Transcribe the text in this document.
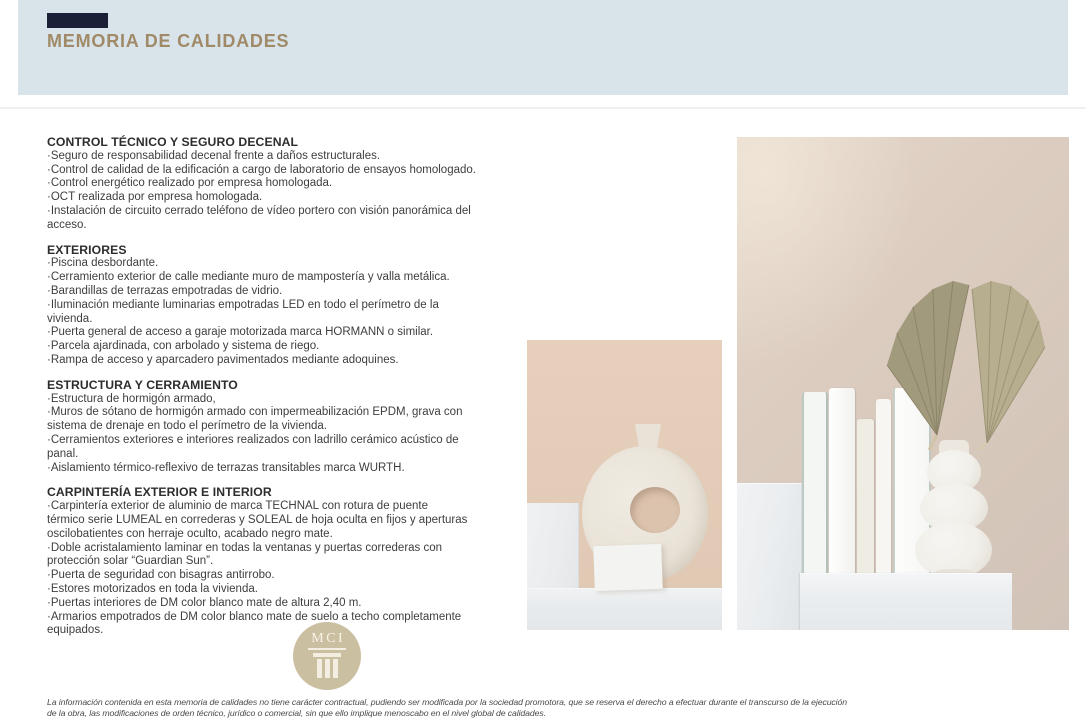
MEMORIA DE CALIDADES
CONTROL TÉCNICO Y SEGURO DECENAL
·Seguro de responsabilidad decenal frente a daños estructurales.
·Control de calidad de la edificación a cargo de laboratorio de ensayos homologado.
·Control energético realizado por empresa homologada.
·OCT realizada por empresa homologada.
·Instalación de circuito cerrado teléfono de vídeo portero con visión panorámica del
acceso.
EXTERIORES
·Piscina desbordante.
·Cerramiento exterior de calle mediante muro de mampostería y valla metálica.
·Barandillas de terrazas empotradas de vidrio.
·Iluminación mediante luminarias empotradas LED en todo el perímetro de la
vivienda.
·Puerta general de acceso a garaje motorizada marca HORMANN o similar.
·Parcela ajardinada, con arbolado y sistema de riego.
·Rampa de acceso y aparcadero pavimentados mediante adoquines.
ESTRUCTURA Y CERRAMIENTO
·Estructura de hormigón armado,
·Muros de sótano de hormigón armado con impermeabilización EPDM, grava con
sistema de drenaje en todo el perímetro de la vivienda.
·Cerramientos exteriores e interiores realizados con ladrillo cerámico acústico de
panal.
·Aislamiento térmico-reflexivo de terrazas transitables marca WURTH.
CARPINTERÍA EXTERIOR E INTERIOR
·Carpintería exterior de aluminio de marca TECHNAL con rotura de puente
térmico serie LUMEAL en correderas y SOLEAL de hoja oculta en fijos y aperturas
oscilobatientes con herraje oculto, acabado negro mate.
·Doble acristalamiento laminar en todas la ventanas y puertas correderas con
protección solar “Guardian Sun”.
·Puerta de seguridad con bisagras antirrobo.
·Estores motorizados en toda la vivienda.
·Puertas interiores de DM color blanco mate de altura 2,40 m.
·Armarios empotrados de DM color blanco mate de suelo a techo completamente
equipados.
MCI
La información contenida en esta memoria de calidades no tiene carácter contractual, pudiendo ser modificada por la sociedad promotora, que se reserva el derecho a efectuar durante el transcurso de la ejecución
de la obra, las modificaciones de orden técnico, jurídico o comercial, sin que ello implique menoscabo en el nivel global de calidades.
